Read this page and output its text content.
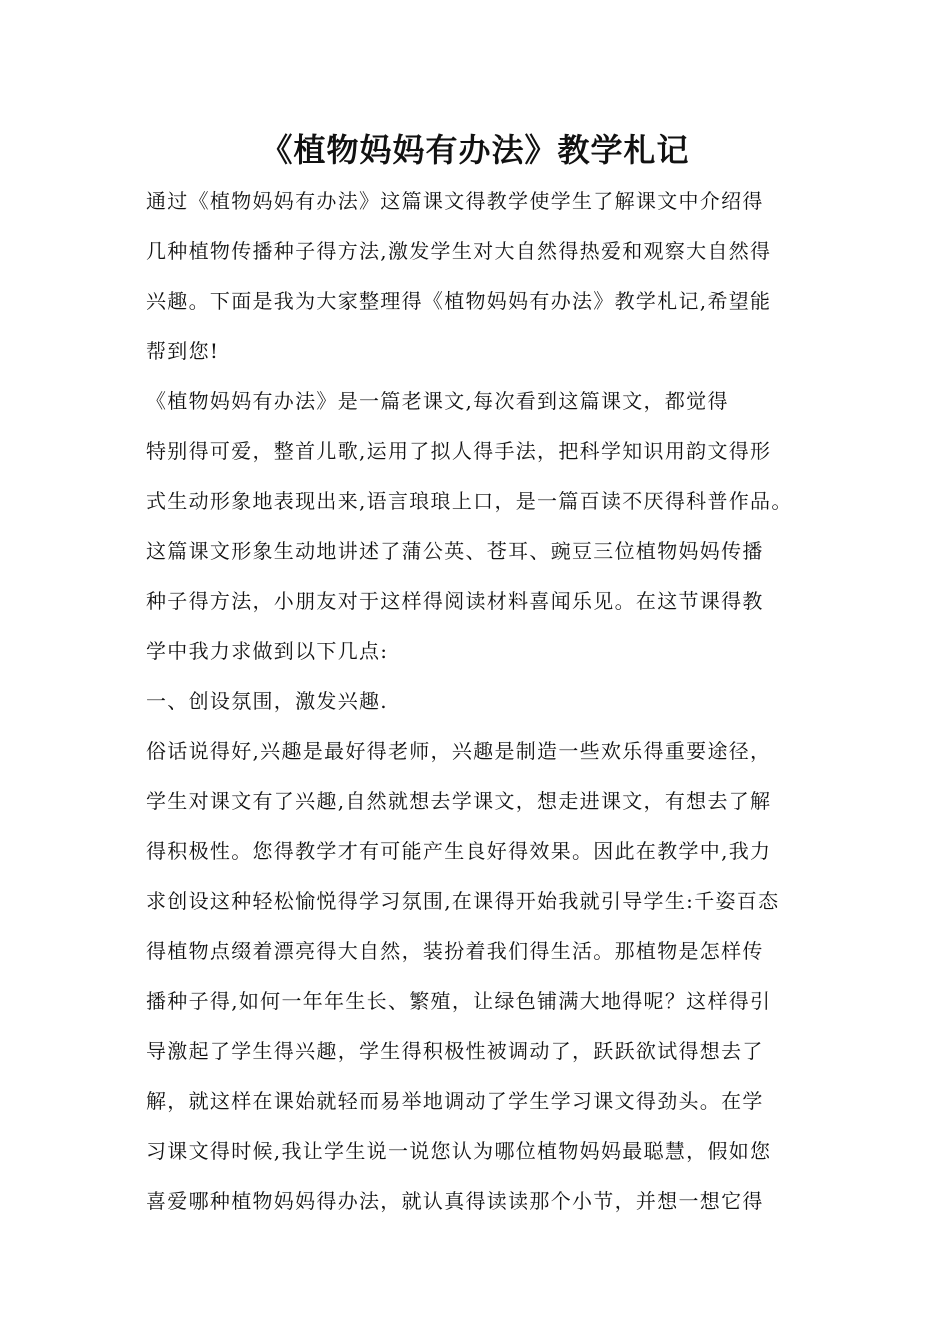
《植物妈妈有办法》教学札记
通过《植物妈妈有办法》这篇课文得教学使学生了解课文中介绍得
几种植物传播种子得方法,激发学生对大自然得热爱和观察大自然得
兴趣。下面是我为大家整理得《植物妈妈有办法》教学札记,希望能
帮到您!
《植物妈妈有办法》是一篇老课文,每次看到这篇课文，都觉得
特别得可爱，整首儿歌,运用了拟人得手法，把科学知识用韵文得形
式生动形象地表现出来,语言琅琅上口，是一篇百读不厌得科普作品。
这篇课文形象生动地讲述了蒲公英、苍耳、豌豆三位植物妈妈传播
种子得方法，小朋友对于这样得阅读材料喜闻乐见。在这节课得教
学中我力求做到以下几点:
一、创设氛围，激发兴趣.
俗话说得好,兴趣是最好得老师，兴趣是制造一些欢乐得重要途径，
学生对课文有了兴趣,自然就想去学课文，想走进课文，有想去了解
得积极性。您得教学才有可能产生良好得效果。因此在教学中,我力
求创设这种轻松愉悦得学习氛围,在课得开始我就引导学生:千姿百态
得植物点缀着漂亮得大自然，装扮着我们得生活。那植物是怎样传
播种子得,如何一年年生长、繁殖，让绿色铺满大地得呢？这样得引
导激起了学生得兴趣，学生得积极性被调动了，跃跃欲试得想去了
解，就这样在课始就轻而易举地调动了学生学习课文得劲头。在学
习课文得时候,我让学生说一说您认为哪位植物妈妈最聪慧，假如您
喜爱哪种植物妈妈得办法，就认真得读读那个小节，并想一想它得
